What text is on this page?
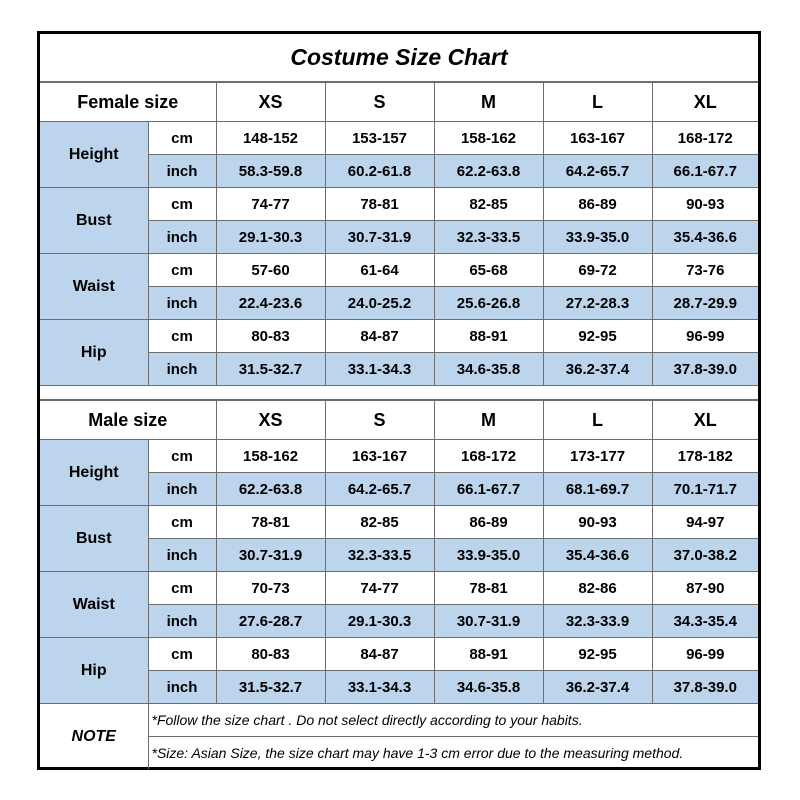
Costume Size Chart
Female size		XS	S	M	L	XL
Height	cm	148-152	153-157	158-162	163-167	168-172
	inch	58.3-59.8	60.2-61.8	62.2-63.8	64.2-65.7	66.1-67.7
Bust	cm	74-77	78-81	82-85	86-89	90-93
	inch	29.1-30.3	30.7-31.9	32.3-33.5	33.9-35.0	35.4-36.6
Waist	cm	57-60	61-64	65-68	69-72	73-76
	inch	22.4-23.6	24.0-25.2	25.6-26.8	27.2-28.3	28.7-29.9
Hip	cm	80-83	84-87	88-91	92-95	96-99
	inch	31.5-32.7	33.1-34.3	34.6-35.8	36.2-37.4	37.8-39.0
Male size		XS	S	M	L	XL
Height	cm	158-162	163-167	168-172	173-177	178-182
	inch	62.2-63.8	64.2-65.7	66.1-67.7	68.1-69.7	70.1-71.7
Bust	cm	78-81	82-85	86-89	90-93	94-97
	inch	30.7-31.9	32.3-33.5	33.9-35.0	35.4-36.6	37.0-38.2
Waist	cm	70-73	74-77	78-81	82-86	87-90
	inch	27.6-28.7	29.1-30.3	30.7-31.9	32.3-33.9	34.3-35.4
Hip	cm	80-83	84-87	88-91	92-95	96-99
	inch	31.5-32.7	33.1-34.3	34.6-35.8	36.2-37.4	37.8-39.0
NOTE	*Follow the size chart . Do not select directly according to your habits.
*Size: Asian Size, the size chart may have 1-3 cm error due to the measuring method.
